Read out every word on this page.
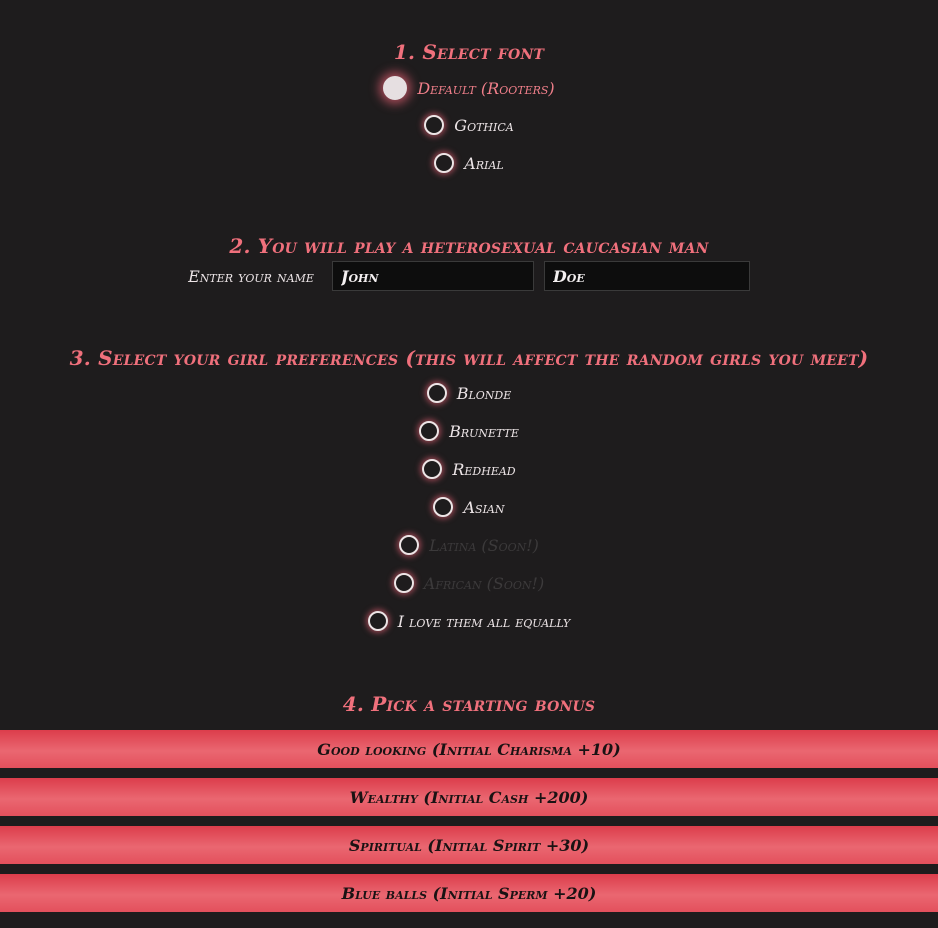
1. Select font
Default (Rooters)
Gothica
Arial
2. You will play a heterosexual caucasian man
Enter your name
John
Doe
3. Select your girl preferences (this will affect the random girls you meet)
Blonde
Brunette
Redhead
Asian
Latina (Soon!)
African (Soon!)
I love them all equally
4. Pick a starting bonus
Good looking (Initial Charisma +10)
Wealthy (Initial Cash +200)
Spiritual (Initial Spirit +30)
Blue balls (Initial Sperm +20)
